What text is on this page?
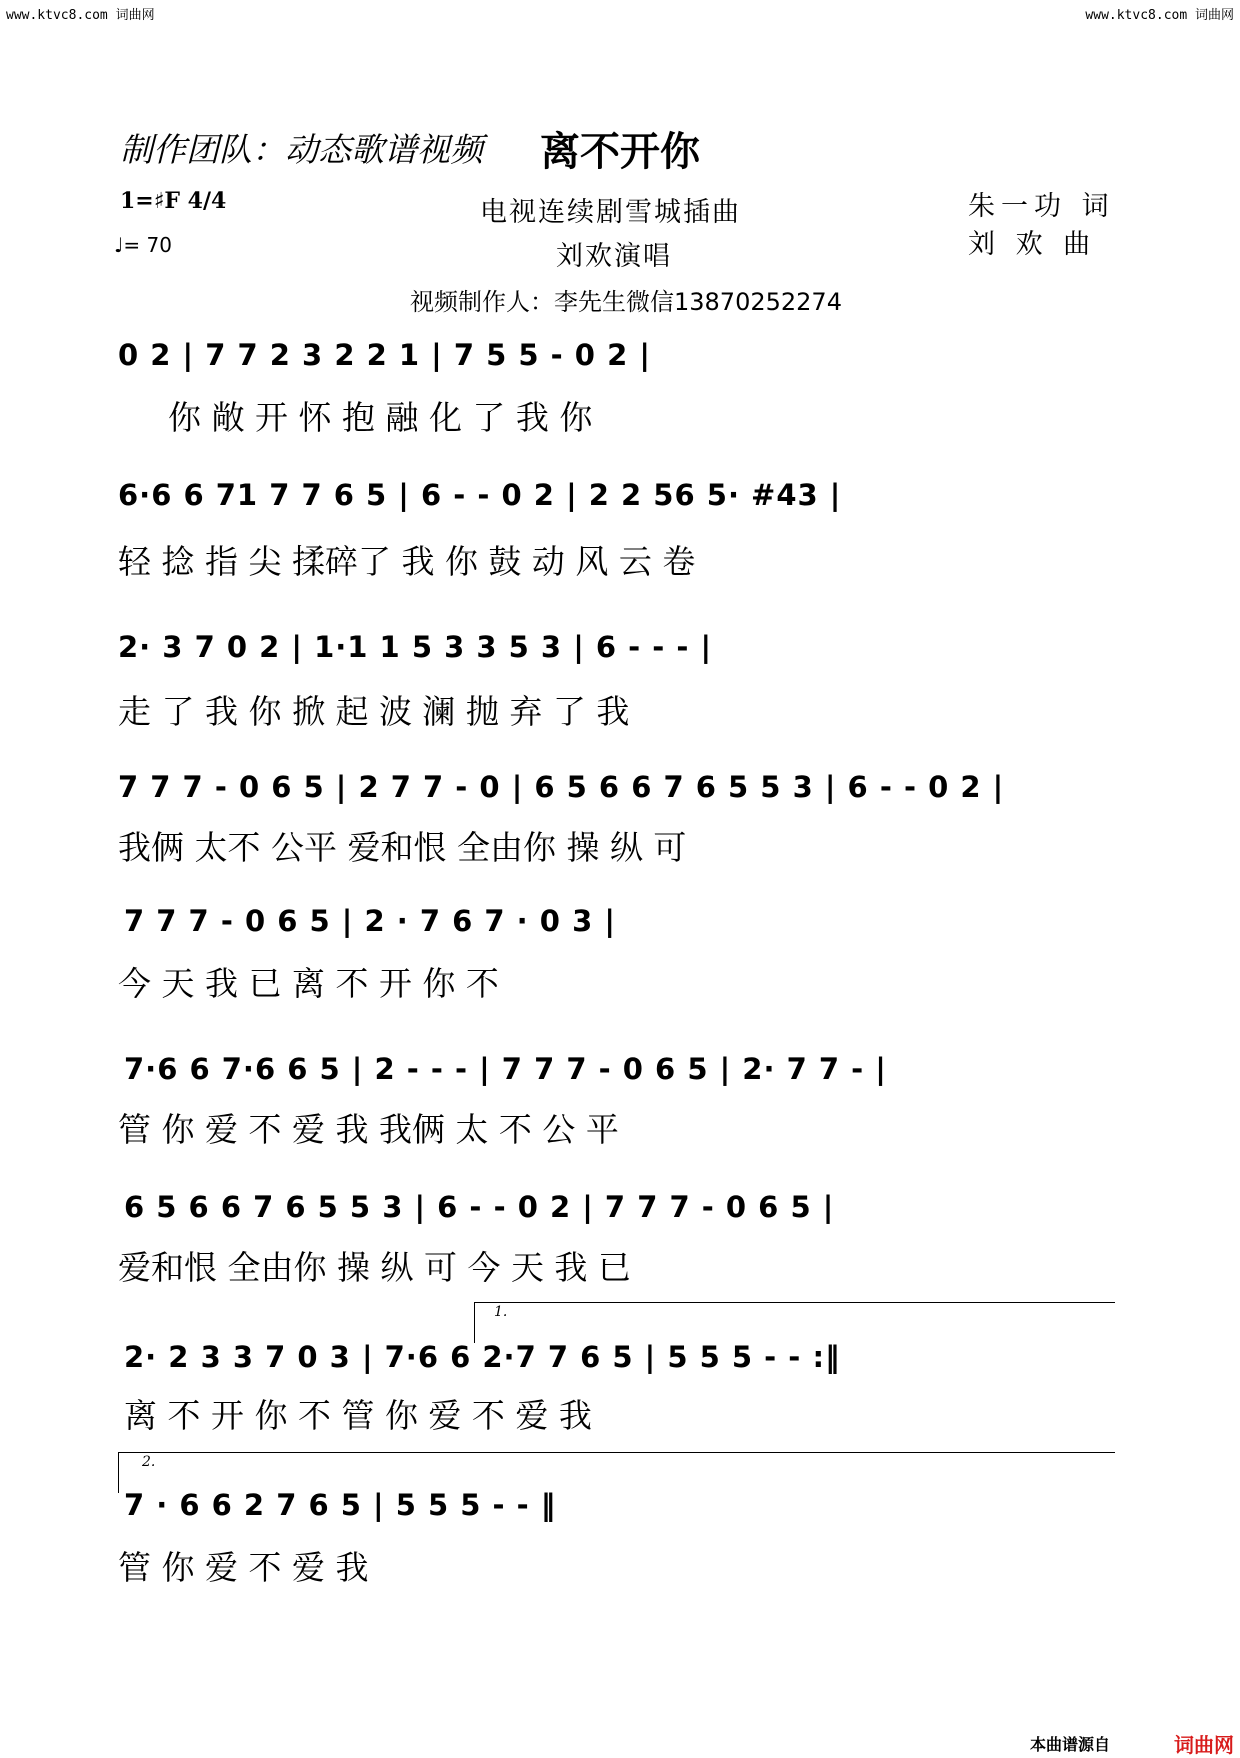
www.ktvc8.com 词曲网	www.ktvc8.com 词曲网
制作团队：动态歌谱视频 离不开你
1=♯F 4/4
♩= 70
电视连续剧雪城插曲
刘欢演唱
朱一功 词
刘 欢 曲
视频制作人：李先生微信13870252274
0 2 | 7 7 2 3 2 2 1 | 7 5 5 - 0 2 |
你 敞 开 怀 抱 融 化 了 我 你
6·6 6 71 7 7 6 5 | 6 - - 0 2 | 2 2 56 5· #43 |
轻 捻 指 尖 揉碎了 我 你 鼓 动 风 云 卷
2· 3 7 0 2 | 1·1 1 5 3 3 5 3 | 6 - - - |
走 了 我 你 掀 起 波 澜 抛 弃 了 我
7 7 7 - 0 6 5 | 2 7 7 - 0 | 6 5 6 6 7 6 5 5 3 | 6 - - 0 2 |
我俩 太不 公平 爱和恨 全由你 操 纵 可
7 7 7 - 0 6 5 | 2 · 7 6 7 · 0 3 |
今 天 我 已 离 不 开 你 不
7·6 6 7·6 6 5 | 2 - - - | 7 7 7 - 0 6 5 | 2· 7 7 - |
管 你 爱 不 爱 我 我俩 太 不 公 平
6 5 6 6 7 6 5 5 3 | 6 - - 0 2 | 7 7 7 - 0 6 5 |
爱和恨 全由你 操 纵 可 今 天 我 已
1.
2· 2 3 3 7 0 3 | 7·6 6 2·7 7 6 5 | 5 5 5 - - :‖
离 不 开 你 不 管 你 爱 不 爱 我
2.
7 · 6 6 2 7 6 5 | 5 5 5 - - ‖
管 你 爱 不 爱 我
本曲谱源自	词曲网
